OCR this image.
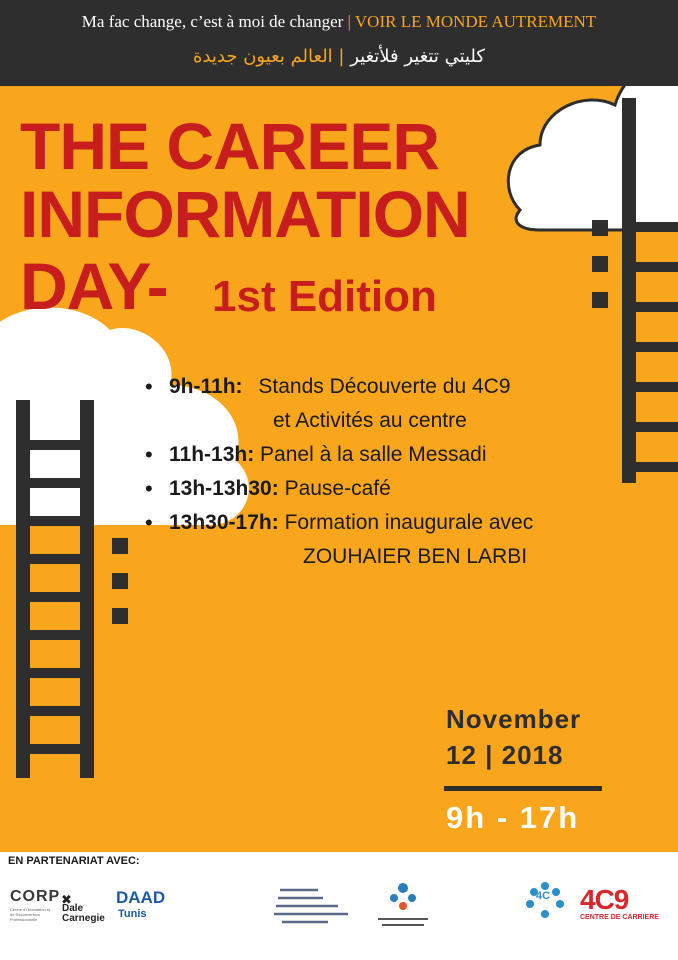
Ma fac change, c’est à moi de changer | VOIR LE MONDE AUTREMENT
كليتي تتغير فلأتغير | العالم بعيون جديدة
THE CAREER
INFORMATION
DAY- 1st Edition
• 9h-11h: Stands Découverte du 4C9
et Activités au centre
• 11h-13h: Panel à la salle Messadi
• 13h-13h30: Pause-café
• 13h30-17h: Formation inaugurale avec
ZOUHAIER BEN LARBI
November
12 | 2018
9h - 17h
EN PARTENARIAT AVEC:
CORP
Centre d'Orientation et de Reconversion Professionnelle
✖
Dale Carnegie
DAAD
Tunis
4C 4C9
CENTRE DE CARRIERE
